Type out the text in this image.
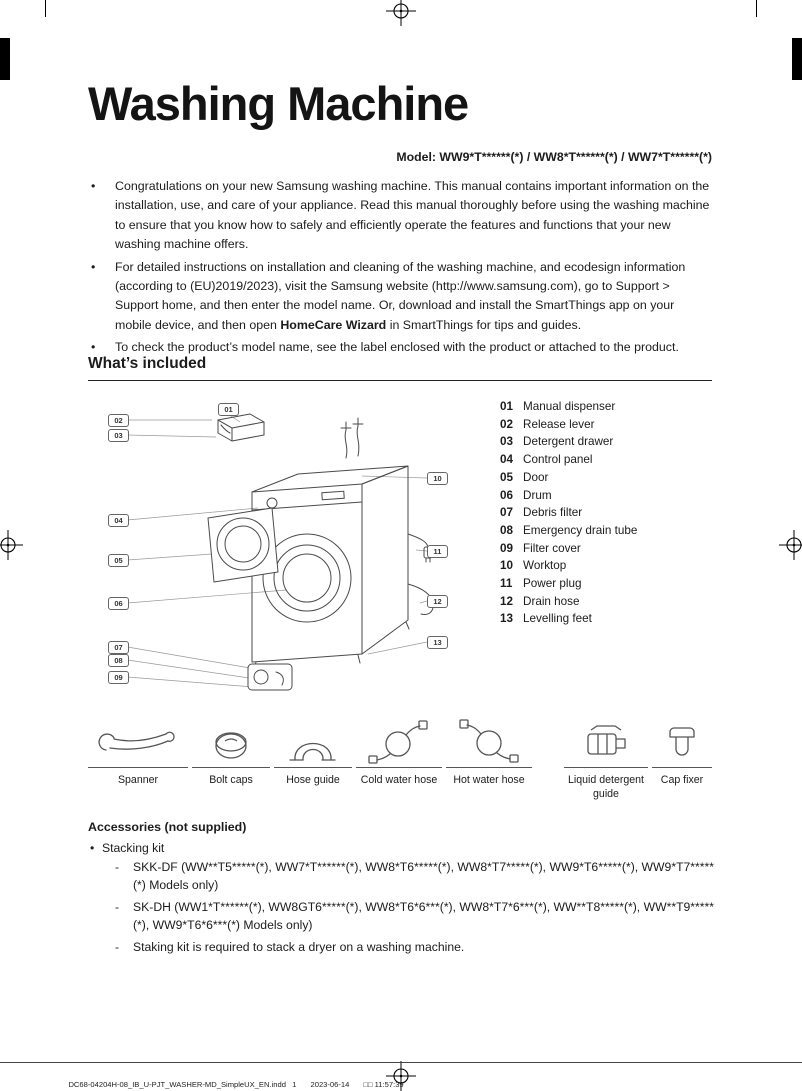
Washing Machine
Model: WW9*T******(*) / WW8*T******(*) / WW7*T******(*)
• Congratulations on your new Samsung washing machine. This manual contains important information on the installation, use, and care of your appliance. Read this manual thoroughly before using the washing machine to ensure that you know how to safely and efficiently operate the features and functions that your new washing machine offers.
• For detailed instructions on installation and cleaning of the washing machine, and ecodesign information (according to (EU)2019/2023), visit the Samsung website (http://www.samsung.com), go to Support > Support home, and then enter the model name. Or, download and install the SmartThings app on your mobile device, and then open HomeCare Wizard in SmartThings for tips and guides.
• To check the product’s model name, see the label enclosed with the product or attached to the product.
What’s included
01
02
03
04
05
06
07
08
09
10
11
12
13
01 Manual dispenser
02 Release lever
03 Detergent drawer
04 Control panel
05 Door
06 Drum
07 Debris filter
08 Emergency drain tube
09 Filter cover
10 Worktop
11 Power plug
12 Drain hose
13 Levelling feet
Spanner	Bolt caps	Hose guide Cold water hose Hot water hose	Liquid detergent guide
Cap fixer
Accessories (not supplied)
• Stacking kit
-	SKK-DF (WW**T5*****(*), WW7*T******(*), WW8*T6*****(*), WW8*T7*****(*), WW9*T6*****(*), WW9*T7*****(*) Models only)
-	SK-DH (WW1*T******(*), WW8GT6*****(*), WW8*T6*6***(*), WW8*T7*6***(*), WW**T8*****(*), WW**T9*****(*), WW9*T6*6***(*) Models only)
-	Staking kit is required to stack a dryer on a washing machine.

DC68-04204H-08_IB_U-PJT_WASHER-MD_SimpleUX_EN.indd   1 2023-06-14 □□ 11:57:39
